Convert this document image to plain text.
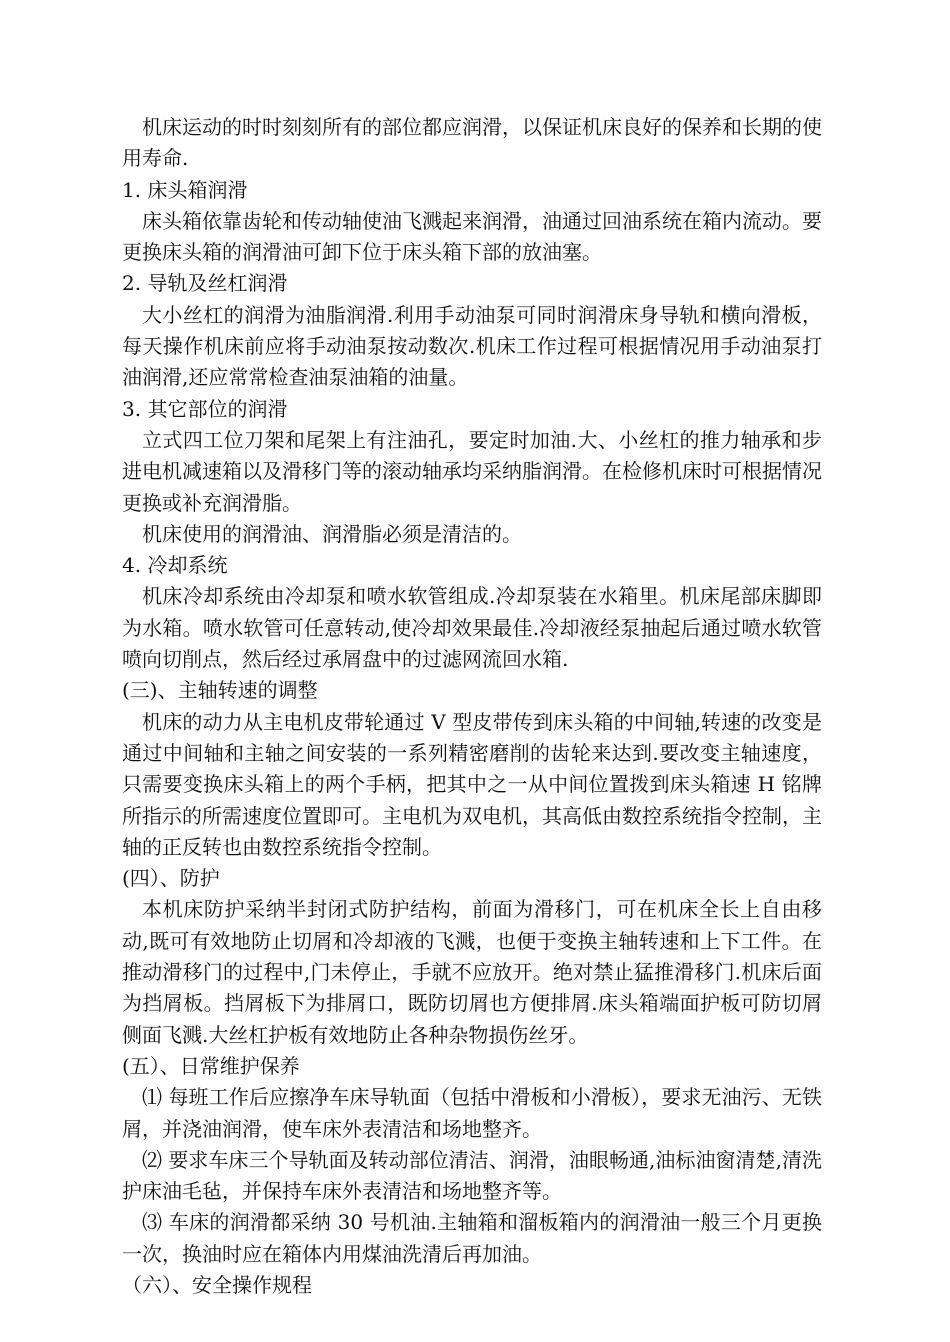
机床运动的时时刻刻所有的部位都应润滑，以保证机床良好的保养和长期的使用寿命.

1. 床头箱润滑

床头箱依靠齿轮和传动轴使油飞溅起来润滑，油通过回油系统在箱内流动。要更换床头箱的润滑油可卸下位于床头箱下部的放油塞。

2. 导轨及丝杠润滑

大小丝杠的润滑为油脂润滑.利用手动油泵可同时润滑床身导轨和横向滑板，每天操作机床前应将手动油泵按动数次.机床工作过程可根据情况用手动油泵打油润滑,还应常常检查油泵油箱的油量。

3. 其它部位的润滑

立式四工位刀架和尾架上有注油孔，要定时加油.大、小丝杠的推力轴承和步进电机减速箱以及滑移门等的滚动轴承均采纳脂润滑。在检修机床时可根据情况更换或补充润滑脂。

机床使用的润滑油、润滑脂必须是清洁的。

4. 冷却系统

机床冷却系统由冷却泵和喷水软管组成.冷却泵装在水箱里。机床尾部床脚即为水箱。喷水软管可任意转动,使冷却效果最佳.冷却液经泵抽起后通过喷水软管喷向切削点，然后经过承屑盘中的过滤网流回水箱.

(三)、主轴转速的调整

机床的动力从主电机皮带轮通过 V 型皮带传到床头箱的中间轴,转速的改变是通过中间轴和主轴之间安装的一系列精密磨削的齿轮来达到.要改变主轴速度，只需要变换床头箱上的两个手柄，把其中之一从中间位置拨到床头箱速 H 铭牌所指示的所需速度位置即可。主电机为双电机，其高低由数控系统指令控制，主轴的正反转也由数控系统指令控制。

(四）、防护

本机床防护采纳半封闭式防护结构，前面为滑移门，可在机床全长上自由移动,既可有效地防止切屑和冷却液的飞溅，也便于变换主轴转速和上下工件。在推动滑移门的过程中,门未停止，手就不应放开。绝对禁止猛推滑移门.机床后面为挡屑板。挡屑板下为排屑口，既防切屑也方便排屑.床头箱端面护板可防切屑侧面飞溅.大丝杠护板有效地防止各种杂物损伤丝牙。

(五）、日常维护保养

⑴ 每班工作后应擦净车床导轨面（包括中滑板和小滑板），要求无油污、无铁屑，并浇油润滑，使车床外表清洁和场地整齐。

⑵ 要求车床三个导轨面及转动部位清洁、润滑，油眼畅通,油标油窗清楚,清洗护床油毛毡，并保持车床外表清洁和场地整齐等。

⑶ 车床的润滑都采纳 30 号机油.主轴箱和溜板箱内的润滑油一般三个月更换一次，换油时应在箱体内用煤油洗清后再加油。

（六）、安全操作规程
